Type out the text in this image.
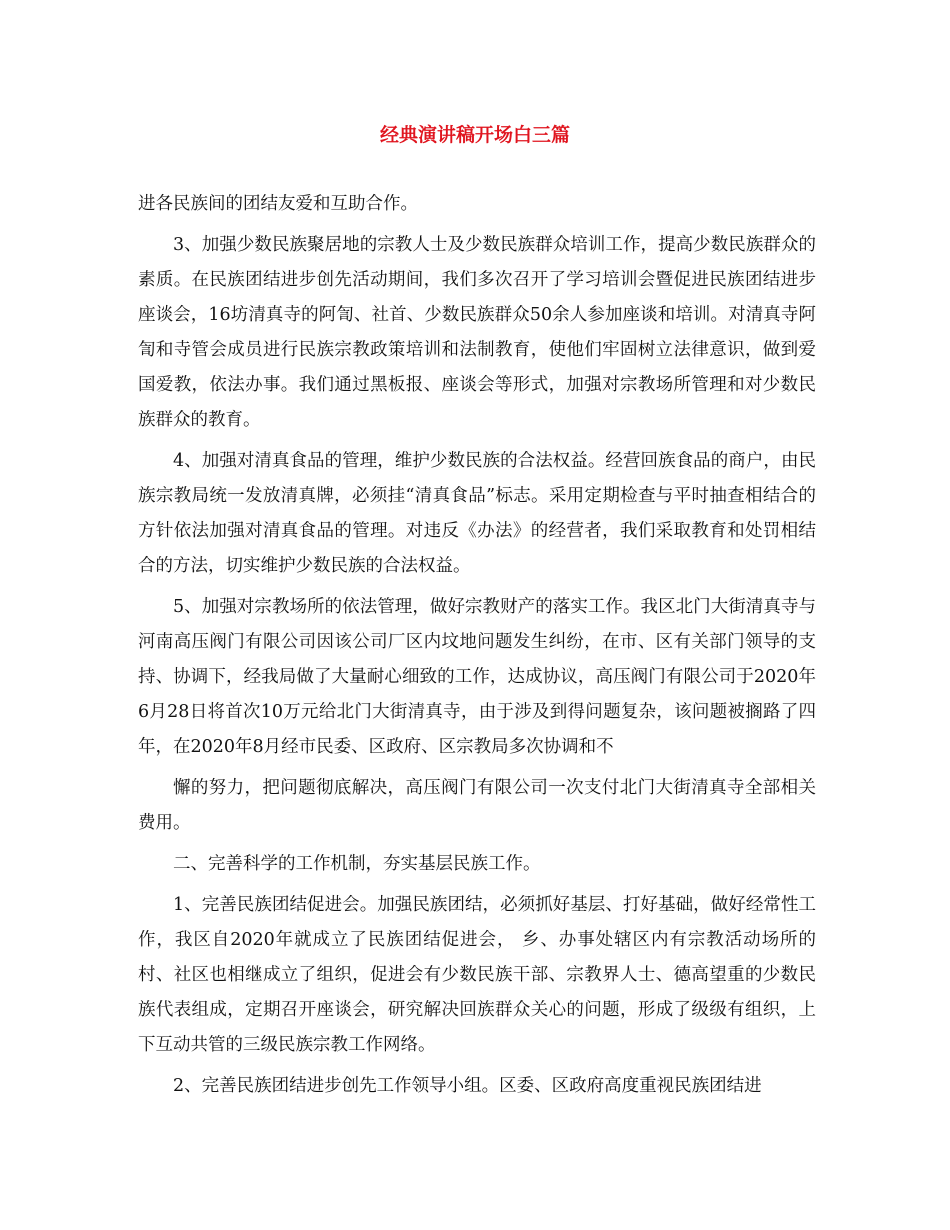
经典演讲稿开场白三篇

进各民族间的团结友爱和互助合作。

3、加强少数民族聚居地的宗教人士及少数民族群众培训工作，提高少数民族群众的素质。在民族团结进步创先活动期间，我们多次召开了学习培训会暨促进民族团结进步座谈会，16坊清真寺的阿訇、社首、少数民族群众50余人参加座谈和培训。对清真寺阿訇和寺管会成员进行民族宗教政策培训和法制教育，使他们牢固树立法律意识，做到爱国爱教，依法办事。我们通过黑板报、座谈会等形式，加强对宗教场所管理和对少数民族群众的教育。

4、加强对清真食品的管理，维护少数民族的合法权益。经营回族食品的商户，由民族宗教局统一发放清真牌，必须挂“清真食品”标志。采用定期检查与平时抽查相结合的方针依法加强对清真食品的管理。对违反《办法》的经营者，我们采取教育和处罚相结合的方法，切实维护少数民族的合法权益。

5、加强对宗教场所的依法管理，做好宗教财产的落实工作。我区北门大街清真寺与河南高压阀门有限公司因该公司厂区内坟地问题发生纠纷，在市、区有关部门领导的支持、协调下，经我局做了大量耐心细致的工作，达成协议，高压阀门有限公司于2020年6月28日将首次10万元给北门大街清真寺，由于涉及到得问题复杂，该问题被搁路了四年，在2020年8月经市民委、区政府、区宗教局多次协调和不

懈的努力，把问题彻底解决，高压阀门有限公司一次支付北门大街清真寺全部相关费用。

二、完善科学的工作机制，夯实基层民族工作。

1、完善民族团结促进会。加强民族团结，必须抓好基层、打好基础，做好经常性工作，我区自2020年就成立了民族团结促进会， 乡、办事处辖区内有宗教活动场所的村、社区也相继成立了组织，促进会有少数民族干部、宗教界人士、德高望重的少数民族代表组成，定期召开座谈会，研究解决回族群众关心的问题，形成了级级有组织，上下互动共管的三级民族宗教工作网络。

2、完善民族团结进步创先工作领导小组。区委、区政府高度重视民族团结进
